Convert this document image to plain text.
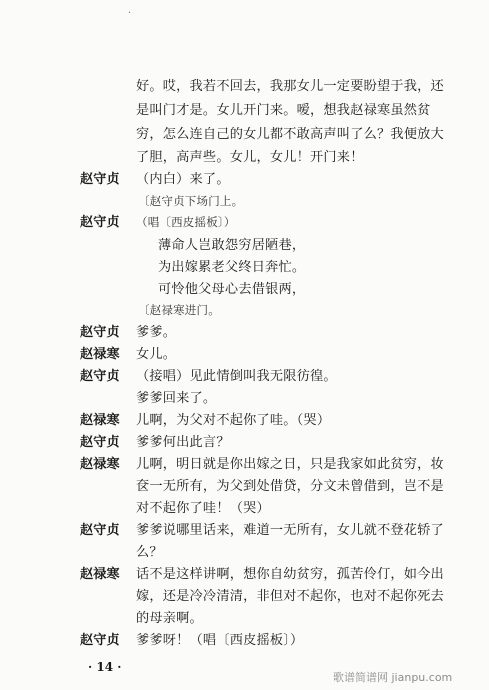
·
好。哎，我若不回去，我那女儿一定要盼望于我，还
是叫门才是。女儿开门来。嗳，想我赵禄寒虽然贫
穷，怎么连自己的女儿都不敢高声叫了么？我便放大
了胆，高声些。女儿，女儿！开门来！
赵守贞 （内白）来了。
〔赵守贞下场门上。
赵守贞 （唱〔西皮摇板〕）
薄命人岂敢怨穷居陋巷，
为出嫁累老父终日奔忙。
可怜他父母心去借银两，
〔赵禄寒进门。
赵守贞 爹爹。
赵禄寒 女儿。
赵守贞 （接唱）见此情倒叫我无限彷徨。
爹爹回来了。
赵禄寒 儿啊，为父对不起你了哇。（哭）
赵守贞 爹爹何出此言？
赵禄寒 儿啊，明日就是你出嫁之日，只是我家如此贫穷，妆
奁一无所有，为父到处借贷，分文未曾借到，岂不是
对不起你了哇！（哭）
赵守贞 爹爹说哪里话来，难道一无所有，女儿就不登花轿了
么？
赵禄寒 话不是这样讲啊，想你自幼贫穷，孤苦伶仃，如今出
嫁，还是冷冷清清，非但对不起你，也对不起你死去
的母亲啊。
赵守贞 爹爹呀！（唱〔西皮摇板〕）
· 14 ·
歌谱简谱网 jianpu.com
